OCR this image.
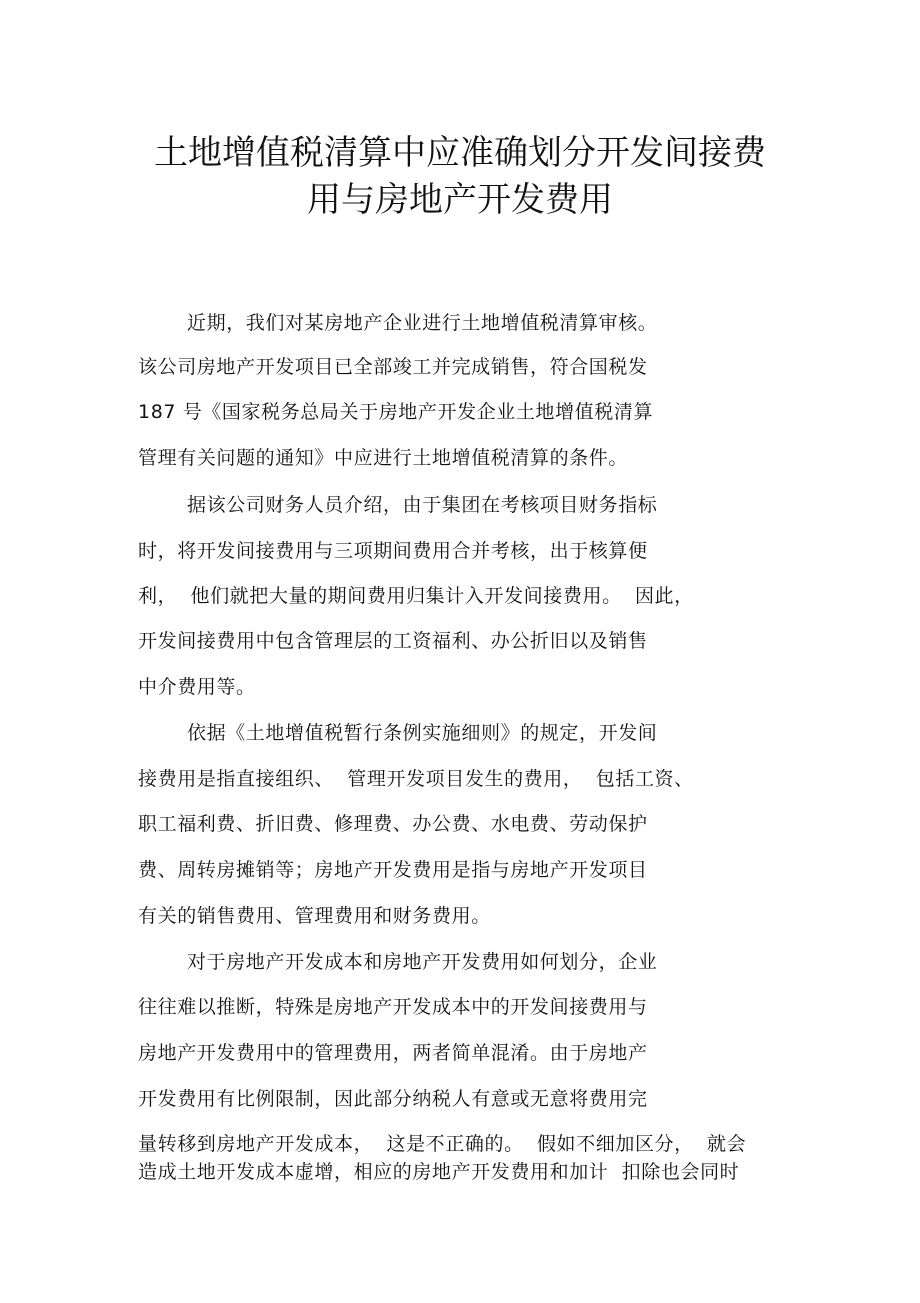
土地增值税清算中应准确划分开发间接费
用与房地产开发费用
近期，我们对某房地产企业进行土地增值税清算审核。
该公司房地产开发项目已全部竣工并完成销售，符合国税发
187 号《国家税务总局关于房地产开发企业土地增值税清算
管理有关问题的通知》中应进行土地增值税清算的条件。
据该公司财务人员介绍，由于集团在考核项目财务指标
时，将开发间接费用与三项期间费用合并考核，出于核算便
利，  他们就把大量的期间费用归集计入开发间接费用。  因此，
开发间接费用中包含管理层的工资福利、办公折旧以及销售
中介费用等。
依据《土地增值税暂行条例实施细则》的规定，开发间
接费用是指直接组织、  管理开发项目发生的费用，  包括工资、
职工福利费、折旧费、修理费、办公费、水电费、劳动保护
费、周转房摊销等；房地产开发费用是指与房地产开发项目
有关的销售费用、管理费用和财务费用。
对于房地产开发成本和房地产开发费用如何划分，企业
往往难以推断，特殊是房地产开发成本中的开发间接费用与
房地产开发费用中的管理费用，两者简单混淆。由于房地产
开发费用有比例限制，因此部分纳税人有意或无意将费用完
量转移到房地产开发成本，  这是不正确的。  假如不细加区分，  就会
造成土地开发成本虚增，相应的房地产开发费用和加计  扣除也会同时
